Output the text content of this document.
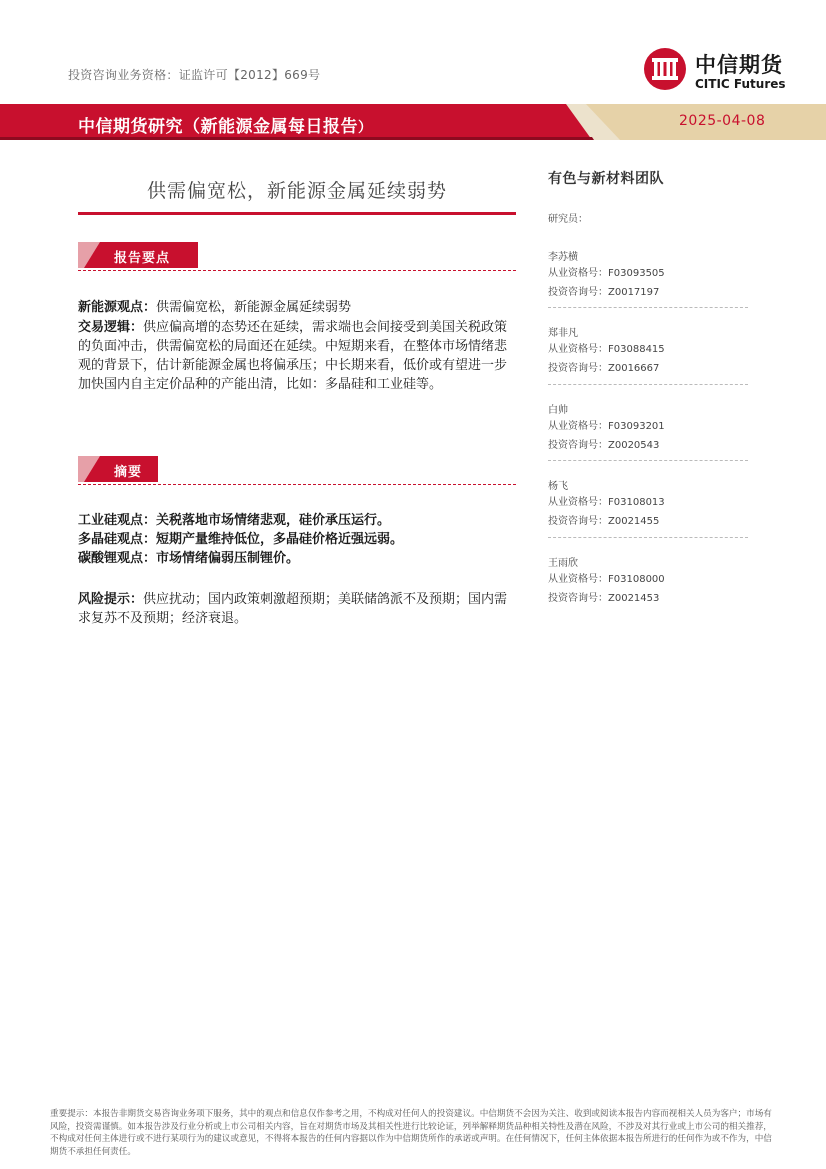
投资咨询业务资格：证监许可【2012】669号	中信期货
CITIC Futures
中信期货研究（新能源金属每日报告）	2025-04-08
供需偏宽松，新能源金属延续弱势
报告要点
新能源观点：供需偏宽松，新能源金属延续弱势
交易逻辑：供应偏高增的态势还在延续，需求端也会间接受到美国关税政策的负面冲击，供需偏宽松的局面还在延续。中短期来看，在整体市场情绪悲观的背景下，估计新能源金属也将偏承压；中长期来看，低价或有望进一步加快国内自主定价品种的产能出清，比如：多晶硅和工业硅等。
摘要
工业硅观点：关税落地市场情绪悲观，硅价承压运行。
多晶硅观点：短期产量维持低位，多晶硅价格近强远弱。
碳酸锂观点：市场情绪偏弱压制锂价。
风险提示：供应扰动；国内政策刺激超预期；美联储鸽派不及预期；国内需求复苏不及预期；经济衰退。
有色与新材料团队
研究员：
李苏横
从业资格号：F03093505
投资咨询号：Z0017197
郑非凡
从业资格号：F03088415
投资咨询号：Z0016667
白帅
从业资格号：F03093201
投资咨询号：Z0020543
杨飞
从业资格号：F03108013
投资咨询号：Z0021455
王雨欣
从业资格号：F03108000
投资咨询号：Z0021453
重要提示：本报告非期货交易咨询业务项下服务，其中的观点和信息仅作参考之用，不构成对任何人的投资建议。中信期货不会因为关注、收到或阅读本报告内容而视相关人员为客户；市场有风险，投资需谨慎。如本报告涉及行业分析或上市公司相关内容，旨在对期货市场及其相关性进行比较论证，列举解释期货品种相关特性及潜在风险，不涉及对其行业或上市公司的相关推荐，不构成对任何主体进行或不进行某项行为的建议或意见，不得将本报告的任何内容据以作为中信期货所作的承诺或声明。在任何情况下，任何主体依据本报告所进行的任何作为或不作为，中信期货不承担任何责任。
